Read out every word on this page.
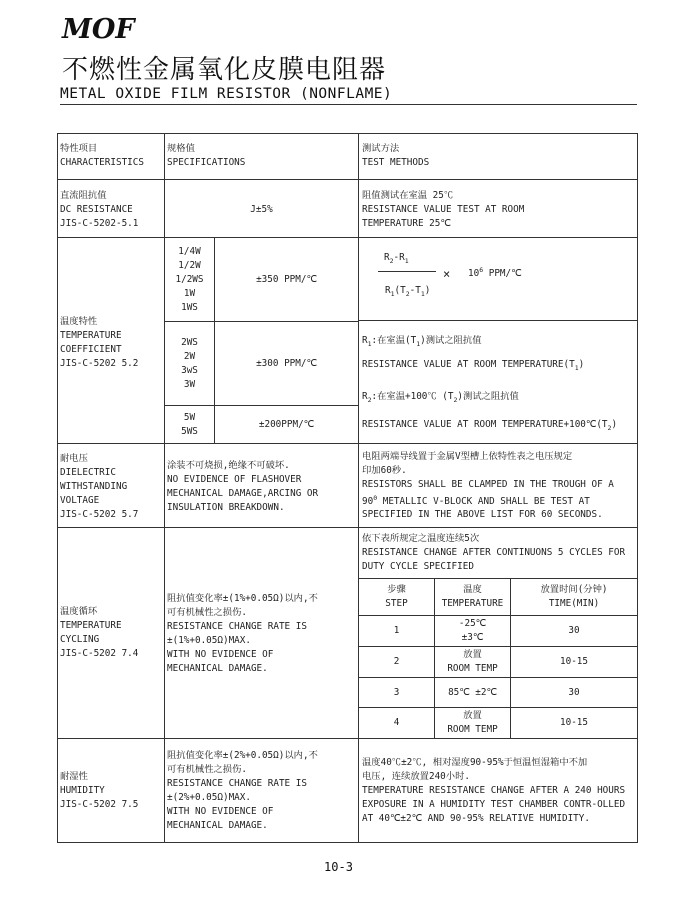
MOF
不燃性金属氧化皮膜电阻器
METAL OXIDE FILM RESISTOR (NONFLAME)
特性项目
CHARACTERISTICS
规格值
SPECIFICATIONS
测试方法
TEST METHODS
直流阻抗值
DC RESISTANCE
JIS-C-5202-5.1
J±5%
阻值测试在室温 25℃
RESISTANCE VALUE TEST AT ROOM
TEMPERATURE 25℃
温度特性
TEMPERATURE
COEFFICIENT
JIS-C-5202 5.2
1/4W
1/2W
1/2WS
1W
1WS
±350 PPM/℃
2WS
2W
3wS
3W
±300 PPM/℃
5W
5WS
±200PPM/℃
$R_2-R_1$
$R_1(T_2-T_1)$
× $10^6$ PPM/℃
$R_1$:在室温$(T_1)$测试之阻抗值
RESISTANCE VALUE AT ROOM $TEMPERATURE(T_1)$
$R_2$:在室温+100℃ $(T_2)$测试之阻抗值
RESISTANCE VALUE AT ROOM $TEMPERATURE+100℃(T_2)$
耐电压
DIELECTRIC
WITHSTANDING
VOLTAGE
JIS-C-5202 5.7
涂装不可烧损,绝缘不可破坏.
NO EVIDENCE OF FLASHOVER
MECHANICAL DAMAGE,ARCING OR
INSULATION BREAKDOWN.
电阻两端导线置于金属V型槽上依特性表之电压规定
印加60秒.
RESISTORS SHALL BE CLAMPED IN THE TROUGH OF A
$90^0$ METALLIC V-BLOCK AND SHALL BE TEST AT
SPECIFIED IN THE ABOVE LIST FOR 60 SECONDS.
温度循环
TEMPERATURE
CYCLING
JIS-C-5202 7.4
阻抗值变化率±(1%+0.05Ω)以内,不
可有机械性之损伤.
RESISTANCE CHANGE RATE IS
±(1%+0.05Ω)MAX.
WITH NO EVIDENCE OF
MECHANICAL DAMAGE.
依下表所规定之温度连续5次
RESISTANCE CHANGE AFTER CONTINUONS 5 CYCLES FOR
DUTY CYCLE SPECIFIED
步骤
STEP
温度
TEMPERATURE
放置时间(分钟)
TIME(MIN)
1
-25℃
±3℃
30
2
放置
ROOM TEMP
10-15
3	85℃ ±2℃	30
4
放置
ROOM TEMP
10-15
耐湿性
HUMIDITY
JIS-C-5202 7.5
阻抗值变化率±(2%+0.05Ω)以内,不
可有机械性之损伤.
RESISTANCE CHANGE RATE IS
±(2%+0.05Ω)MAX.
WITH NO EVIDENCE OF
MECHANICAL DAMAGE.
温度40℃±2℃, 相对湿度90-95%于恒温恒湿箱中不加
电压, 连续放置240小时.
TEMPERATURE RESISTANCE CHANGE AFTER A 240 HOURS
EXPOSURE IN A HUMIDITY TEST CHAMBER CONTR-OLLED
AT 40℃±2℃ AND 90-95% RELATIVE HUMIDITY.
10-3
